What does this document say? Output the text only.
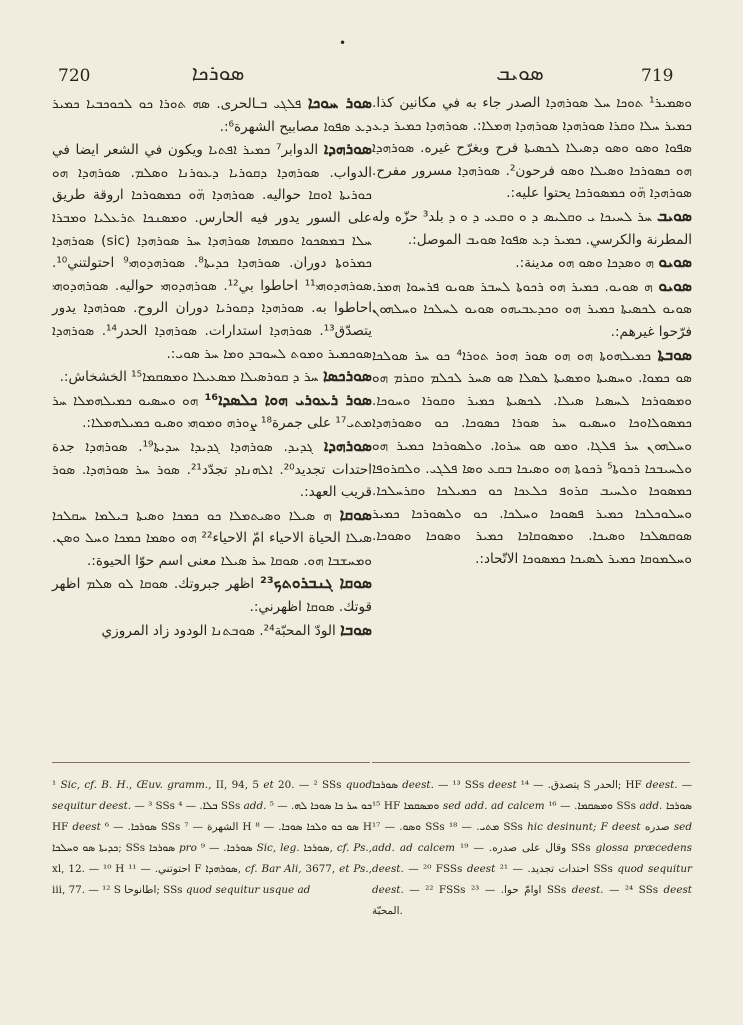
•
720	ܣܘܪܟܐ	ܣܘܝܒ	719

ܣܘܪ ܚܘܟܐ ܦܠܓܝ ܒـالحرى. ܣܗ ܬܘܪܐ ܟܘ ܠܟܘܟܒܝܐ ܟܡܝܪ ܕܥ ܣܦܘܐ مصابيح الشهرة⁶:.

ܣܘܪܗܕܐ الدوابر⁷ ܟܡܝܪ ܐܦܬܝܐ ويكون في الشعر ايضا في الدواب. ܣܘܪܗܕܐ ܕܩܘܪܝܐ ܕܥܘܪܢܐ ܘܣܠܡ. ܣܘܪܗܕܐ ܗܘ ܟܘܪܝܬܐ ܐܘܩܐ حواليه. ܣܘܪܗܕܐ ܗ̈ܘ ܟܡܣܘܪܟܐ اروقة طريق على السور يدور فيه الحارس. ܘܡܣܢܟܐ ܬܪܥܠܝܐ ܘܡܒܪܐ ܚܠܐ ܒܡܣܟܘܐ ܘܩܡܗܐ ܣܘܪܗܕܐ ܚܪ ܣܘܪܗܕܐ (sic) ܣܘܪܗܕܐ ܟܡܪܘܬܐ دوران. ܣܘܪܗܕܐ ܟܕܝܬܐ⁸. ܣܘܪܗܕܘܗܝ⁹ احتولتني¹⁰. ܣܘܪܗܕܘܗܝ¹¹ احاطوا بي¹². ܣܘܪܗܕܘܗܝ حواليه. ܣܘܪܗܕܘܗܝ احاطوا به. ܣܘܪܗܕܐ ܕܩܘܪܝܐ دوران الروح. ܣܘܪܗܕܐ يدور يتصدّق¹³. ܣܘܪܗܕܐ استدارات. ܣܘܪܗܕܐ الحدر¹⁴. ܣܘܪܗܕܐ ܣܘܟܡܝܪ ܘܡܘܬ ܠܚܘܒܕ ܘܡܐ ܚܪ ܣܘܝ:.

ܣܘܪܟܣܐ ܚܪ ܕ ܩܘܪܣܝܠܐ ܡܣܥܝܠܐ ܘܡܣܩܡܐ¹⁵ الخشخاش:.

ܣܘܪ ܪܥܘܪܝ ܗܘܐ ܟܠܣܕܐ¹⁶ ܗܘ ܘܚܣܝܘ ܟܡܝܠܗܡܠܐ ܚܪ ܡܬܝ¹⁷ على جمرة¹⁸ ܨܘܪܗ ܘܡܘܗܝ ܘܣܝܘ ܟܡܝܠܗܡܠܐ:.

ܣܘܪܗܕܐ ܓܕܝܕ. ܣܘܪܗܕܐ ܓܕܝܕܐ ܚܕܝܬܐ¹⁹. ܣܘܪܗܕܐ جدة احتدات تجديد²⁰. ܐܠܗܢܐܕ تجدّد²¹. ܣܘܪ ܚܪ ܣܘܪܗܕܐ. ܣܘܪ قريب العهد:.

ܣܘܩܐ ܗ ܣܝܠܐ ܘܣܝܬܡܠܐ ܟܘ ܟܡܟܐ ܘܣܝܬܐ ܒܝܠܡܐ ܚܩܠܟܐ ܣܝܠܐ الحياة الاحياء امّ الاحياء²² ܗܘ ܘܣܡܐ ܟܡܟܐ ܘܚܠ ܘܣܢ. ܘܡܚܫܒܐ ܗܘ. ܣܘܩܐ ܚܪ ܣܝܠܐ معنى اسم حوّا الحيوة:.

ܣܘܩܐ ܓܢܒܪܘܬܟ²³ اظهر جبروتك. ܣܘܩܐ ܠܘ ܣܠܡ اظهر قوتك. ܣܘܩܐ اظهرني:.

ܣܘܒܐ الودّ المحبّة²⁴. ܣܘܒܬܢܐ الودود زاد المروزي

ܘܣܡܝܪ¹ ܬܘܟܐ ܚܠ ܣܘܪܗܕܐ الصدر جاء به في مكانين كذا. ܟܡܝܪ ܚܠܐ ܘܩܪܐ ܣܘܪܗܕܐ ܣܘܪܗܕܐ ܗܡܠܐ:. ܣܘܪܗܕܐ ܟܡܝܪ ܕܥ ܣܦܘܐ ܘܣܘ ܘܣܘ ܕܣܝܠܐ ܠܟܣܝܬܐ فرح وبغرّح غيره. ܣܘܪܗܕܐ ܗܘ ܟܣܘܪܟܐ ܘܣܝܠܐ ܘܣܘ فرحون². ܣܘܪܗܕܐ مسرور مفرح. ܣܘܪܗܕܐ ܗ̈ܘ ܟܡܣܘܪܟܐ يحتوا عليه:.

ܣܘܝܒ ܚܪ ܠܚܝܟܐ ܝ ܘܩܠܝܣ ܕ ܘ ܘܩܥܝ ܕ ܘ ܕ بلد³ حزّه وله المطرنة والكرسي. ܟܡܝܪ ܕܥ ܣܦܘܐ ܣܘܝܒ الموصل:.

ܣܘܝܘ ܗ ܘܣܕܟܐ ܘܣܘ ܗܘ مدينة:.

ܣܘܝܘ ܗ ܣܘܝܘ. ܟܡܝܪ ܗܘ ܪܟܘܬܐ ܠܚܒܪ ܣܘܝܘ ܦܪܚܘܐ ܗܡܪ. ܣܘܝܘ ܠܟܣܝܬܐ ܟܡܝܪ ܗܘ ܘܟܕܥܒܝܗܘ ܣܘܝܘ ܠܚܠܟܐ ܘܚܠܗܘܢ فرّحوا غيرهم:.

ܣܘܒܬܐ ܟܡܝܠܗܘܬܐ ܗܘ ܗܘ ܣܘܪ ܗܘܪ ܬܘܪܐ⁴ ܟܘ ܚܪ ܣܘܠܟܐ ܣܘ ܟܡܘܐ. ܘܚܣܝܬܐ ܘܡܣܝܬܐ ܠܣܠܐ ܣܘ ܣܚܪ ܠܟܠܡ ܘܩܪܡ ܗܘ ܘܡܣܘܪܟܐ ܠܚܣܝܐ ܣܝܠܐ. ܠܟܣܝܬܐ ܟܡܝܪ ܘܩܘܪܐ ܘܚܘܟܐ. ܟܡܣܘܠܐܘܟܐ ܘܚܣܝܘ ܚܪ ܣܘܪܐ ܟܣܘܟܐ. ܟܘ ܘܣܘܪܗܕܐ ܘܚܠܗܘܢ ܚܪ ܦܠܓܐ. ܘܡܘ ܣܘ ܚܪܘܐ. ܘܠܣܘܪܟܐ ܟܡܝܪ ܗܘ ܘܠܚܝܒܟܐ ܪܟܘܬܐ⁵ ܪܟܘܬܐ ܗܘ ܘܣܝܟܐ ܒܩܥ ܘܣܐ ܦܠܓܝ. ܘܠܩܪܘܦܐ ܟܡܣܘܟܐ ܘܠܚܝܒ ܩܪܘܦ ܟܠܥܟܐ ܟܘ ܟܡܝܠܟܐ ܘܩܪܚܠܟܐ. ܘܚܠܘܟܠܟܐ ܟܡܝܪ ܦܣܘܟܐ ܘܚܠܟܐ. ܟܘ ܘܠܣܘܪܟܐ ܟܡܝܪ ܣܘܩܣܠܟܐ ܘܣܝܟܐ. ܘܡܣܘܩܐܟܐ ܟܡܝܪ ܘܣܘܟܐ ܘܣܘܟܐ. ܘܚܠܡܘܩܐ ܟܡܝܪ ܠܣܝܟܐ ܟܡܣܘܟܐ الاتّحاد:.

¹ Sic, cf. B. H., Œuv. gramm., II, 94, 5 et 20. — ² SSs quod sequitur deest. — ³ SSs ܒܠܐ. — ⁴ SSs add. ܟܘ ܚܪ ܟܐ ܣܘܟܐ ܠܗ. — ⁵ HF deest ܣܘܪܟܐ. — ⁶ SSs الشهرة — ⁷ H ܣܘ ܟܘ ܘܠܟܐ ܣܘܟܐ. — ⁸ H ܟܕܝܬܐ ܣܘ ܘܚܠܟܐ; SSs ܣܘܪܟܐ pro ܣܘܪܟܐ. — ⁹ Sic, leg. ܣܘܪܟܐ, cf. Ps., xl, 12. — ¹⁰ H احتوتني. — ¹¹ F ܣܘܪܗܕܐ, cf. Bar Ali, 3677, et Ps., iii, 77. — ¹² S اطانوحا; SSs quod sequitur usque ad
ܣܘܪܟܐ deest. — ¹³ SSs deest يتصدق. — ¹⁴ S الحدر; HF deest. — ¹⁵ HF ܘܡܣܩܡܐ sed add. ad calcem ܘܡܣܩܡܐ. — ¹⁶ SSs add. ܣܘܪܟܐ ܘܣܘ. — ¹⁷ SSs ܡܬܝ. — ¹⁸ SSs hic desinunt; F deest صدره sed add. ad calcem وقال على صدره. — ¹⁹ SSs glossa præcedens deest. — ²⁰ FSSs deest احتدات تجديد. — ²¹ SSs quod sequitur deest. — ²² FSSs اوامّ حوا. — ²³ SSs deest. — ²⁴ SSs deest المحبّة.
